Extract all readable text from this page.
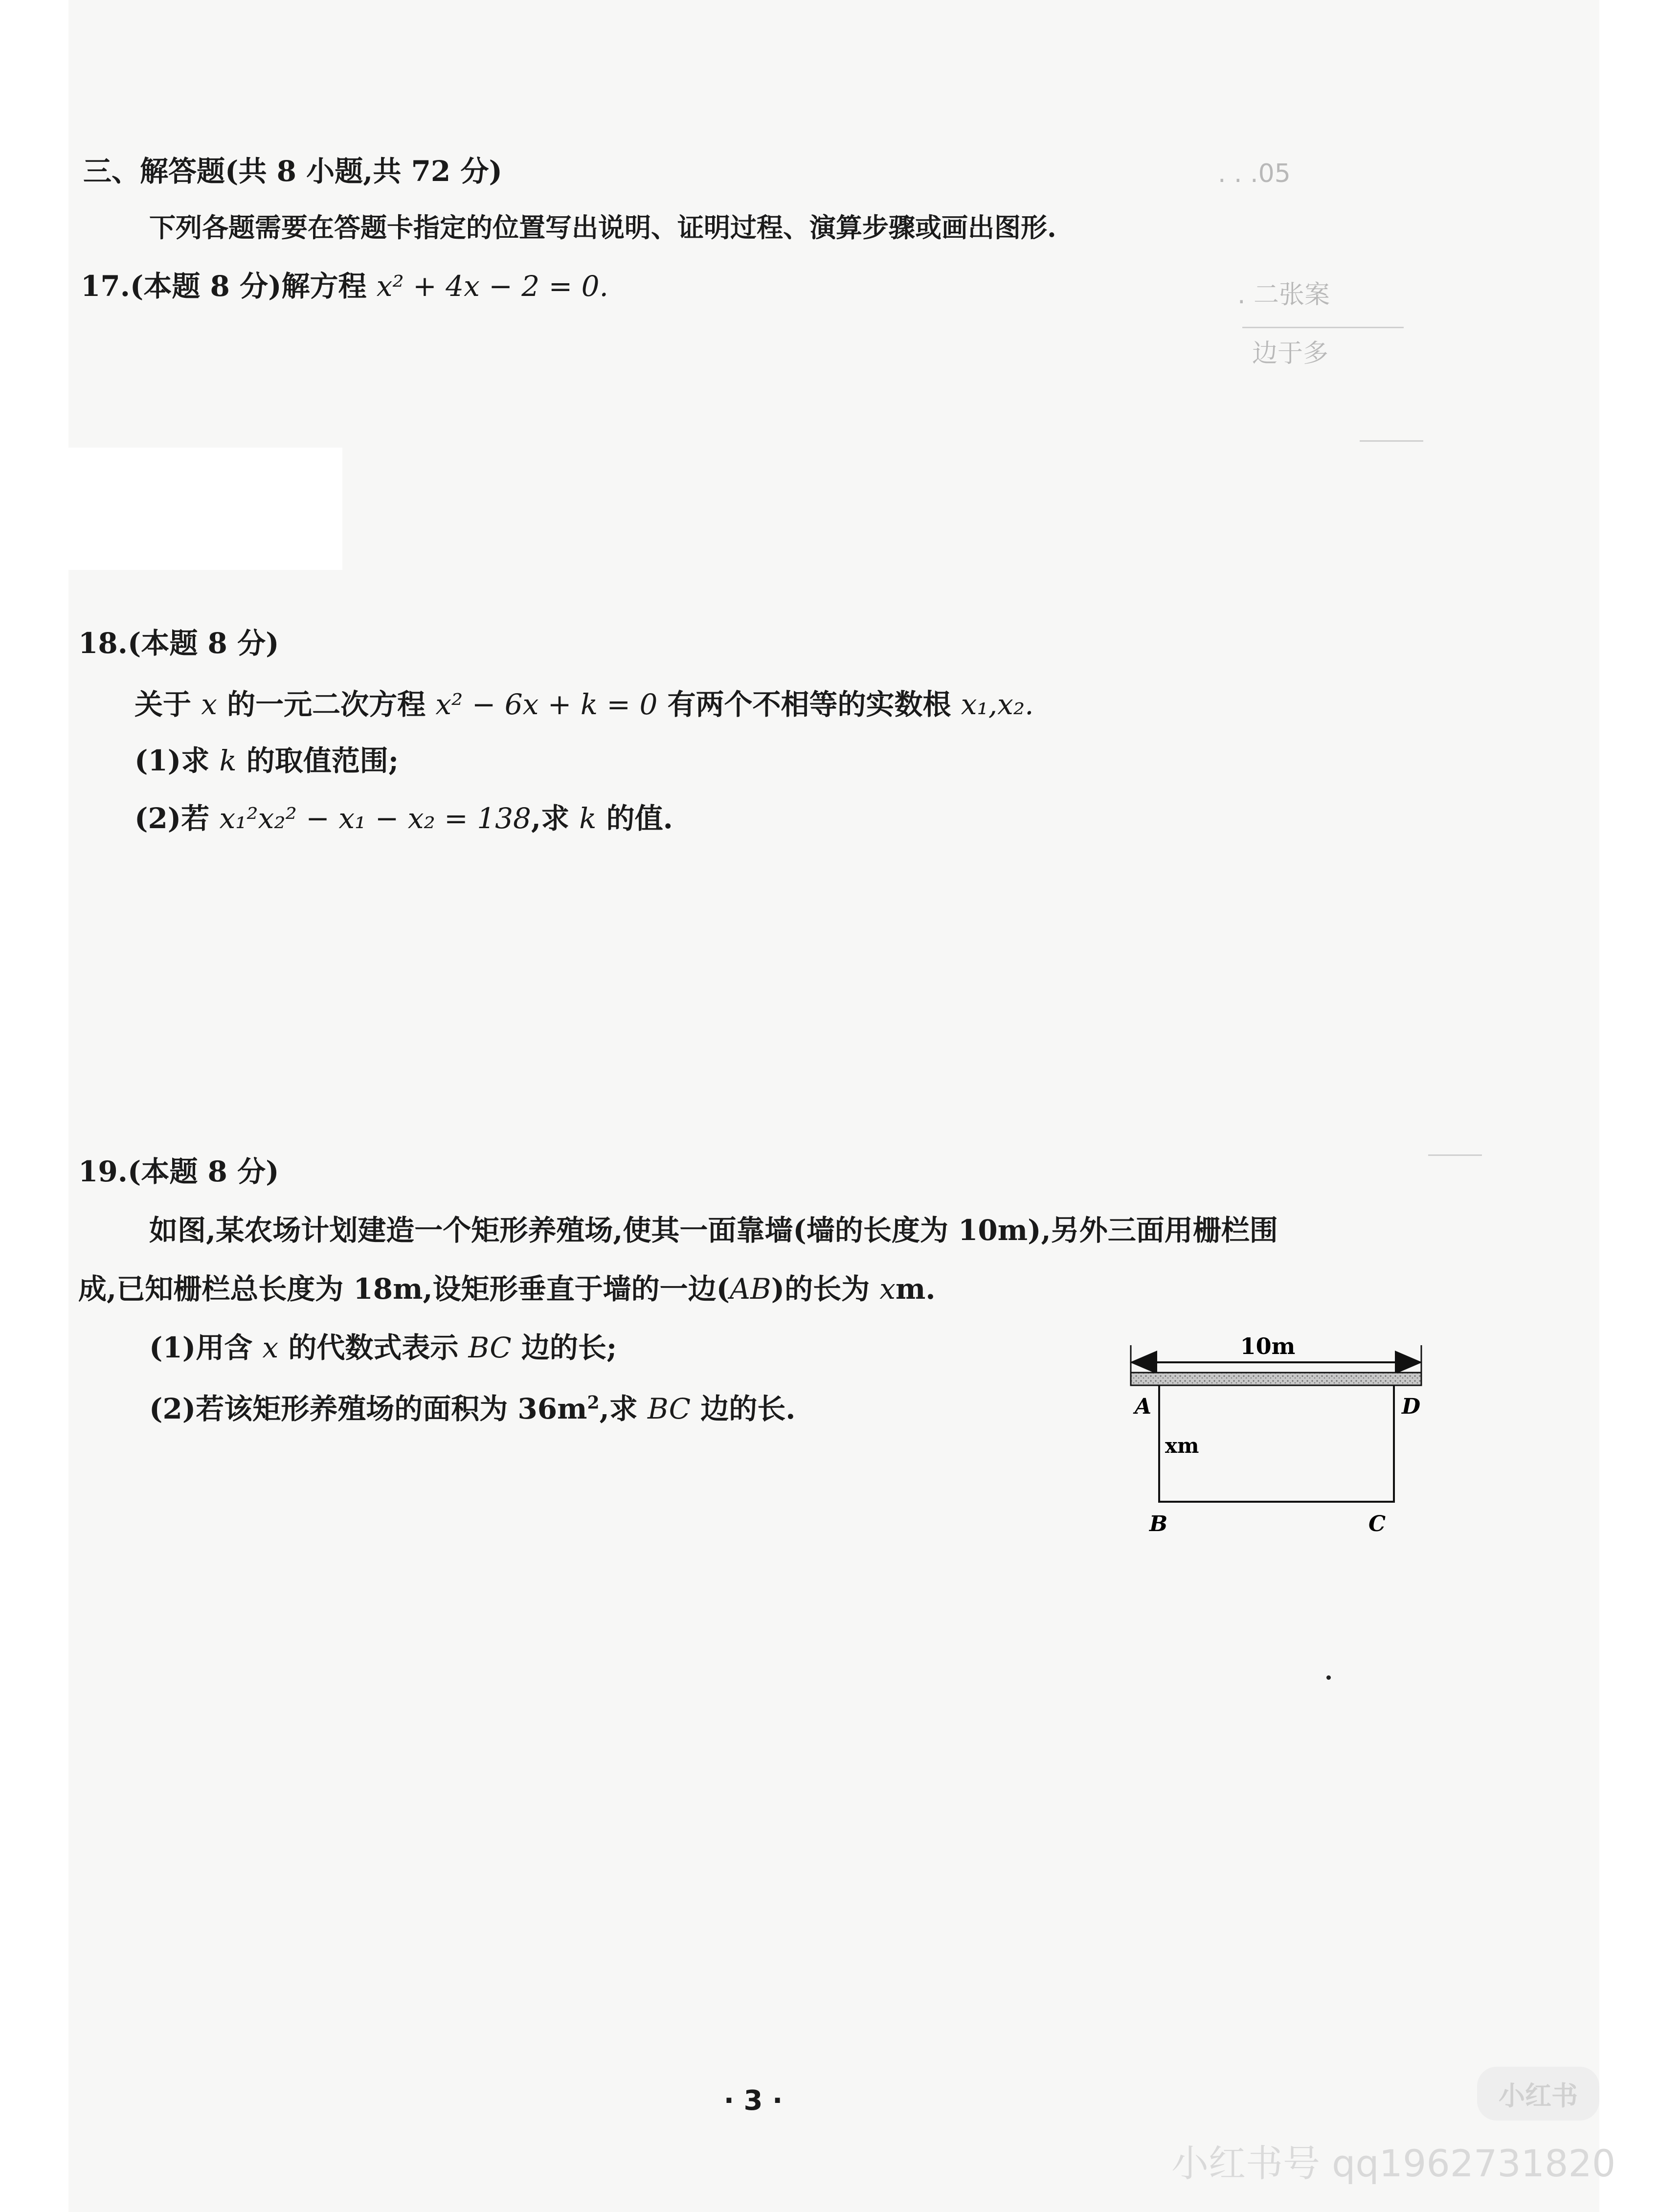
. . .05
. 二张案
边于多
三、解答题(共 8 小题,共 72 分)
下列各题需要在答题卡指定的位置写出说明、证明过程、演算步骤或画出图形.
17.(本题 8 分)解方程 x² + 4x − 2 = 0.
18.(本题 8 分)
关于 x 的一元二次方程 x² − 6x + k = 0 有两个不相等的实数根 x₁,x₂.
(1)求 k 的取值范围;
(2)若 x₁²x₂² − x₁ − x₂ = 138,求 k 的值.
19.(本题 8 分)
如图,某农场计划建造一个矩形养殖场,使其一面靠墙(墙的长度为 10m),另外三面用栅栏围
成,已知栅栏总长度为 18m,设矩形垂直于墙的一边(AB)的长为 xm.
(1)用含 x 的代数式表示 BC 边的长;
(2)若该矩形养殖场的面积为 $36m^2$,求 BC 边的长.
10m
A	D
B	C
xm
· 3 ·	小红书
小红书号 qq1962731820
